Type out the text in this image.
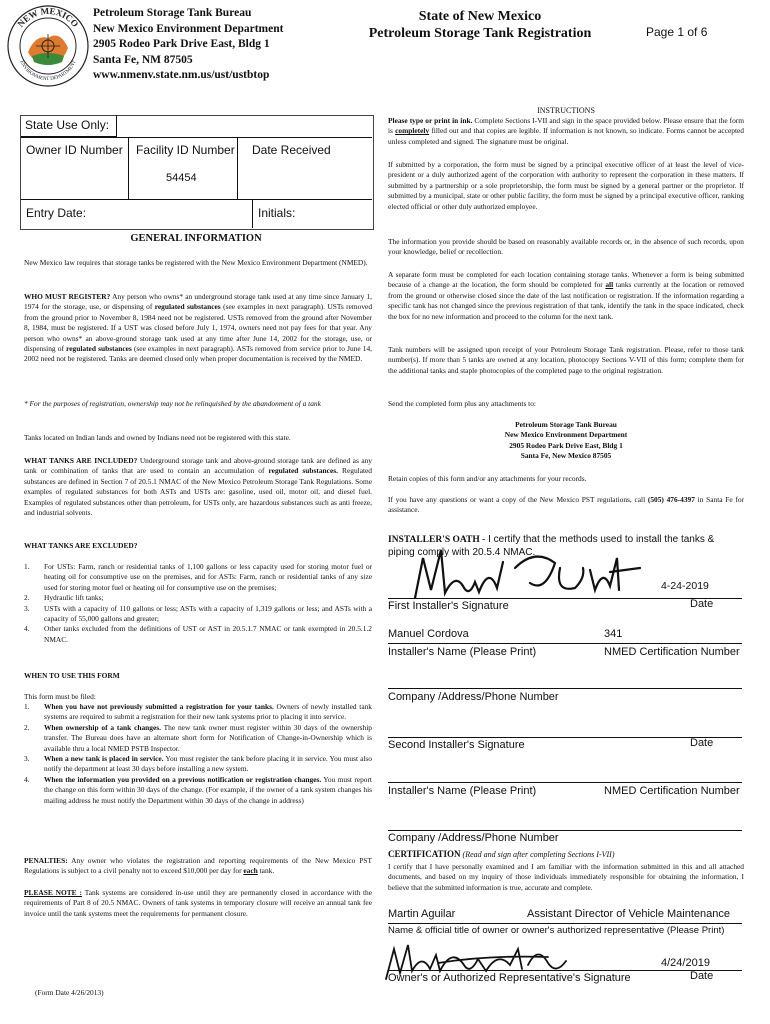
NEW MEXICO
ENVIRONMENT DEPARTMENT
Petroleum Storage Tank Bureau
New Mexico Environment Department
2905 Rodeo Park Drive East, Bldg 1
Santa Fe, NM 87505
www.nmenv.state.nm.us/ust/ustbtop
State of New Mexico
Petroleum Storage Tank Registration	Page 1 of 6
State Use Only:
Owner ID Number Facility ID Number Date Received
54454
Entry Date:	Initials:
GENERAL INFORMATION
New Mexico law requires that storage tanks be registered with the New Mexico Environment Department (NMED).
WHO MUST REGISTER? Any person who owns* an underground storage tank used at any time since January 1, 1974 for the storage, use, or dispensing of regulated substances (see examples in next paragraph). USTs removed from the ground prior to November 8, 1984 need not be registered. USTs removed from the ground after November 8, 1984, must be registered. If a UST was closed before July 1, 1974, owners need not pay fees for that year. Any person who owns* an above-ground storage tank used at any time after June 14, 2002 for the storage, use, or dispensing of regulated substances (see examples in next paragraph). ASTs removed from service prior to June 14, 2002 need not be registered. Tanks are deemed closed only when proper documentation is received by the NMED.
* For the purposes of registration, ownership may not be relinquished by the abandonment of a tank
Tanks located on Indian lands and owned by Indians need not be registered with this state.
WHAT TANKS ARE INCLUDED? Underground storage tank and above-ground storage tank are defined as any tank or combination of tanks that are used to contain an accumulation of regulated substances. Regulated substances are defined in Section 7 of 20.5.1 NMAC of the New Mexico Petroleum Storage Tank Regulations. Some examples of regulated substances for both ASTs and USTs are: gasoline, used oil, motor oil, and diesel fuel. Examples of regulated substances other than petroleum, for USTs only, are hazardous substances such as anti freeze, and industrial solvents.
WHAT TANKS ARE EXCLUDED?
1. For USTs: Farm, ranch or residential tanks of 1,100 gallons or less capacity used for storing motor fuel or heating oil for consumptive use on the premises, and for ASTs: Farm, ranch or residential tanks of any size used for storing motor fuel or heating oil for consumptive use on the premises;
2. Hydraulic lift tanks;
3. USTs with a capacity of 110 gallons or less; ASTs with a capacity of 1,319 gallons or less; and ASTs with a capacity of 55,000 gallons and greater;
4. Other tanks excluded from the definitions of UST or AST in 20.5.1.7 NMAC or tank exempted in 20.5.1.2 NMAC.
WHEN TO USE THIS FORM
This form must be filed:
1. When you have not previously submitted a registration for your tanks. Owners of newly installed tank systems are required to submit a registration for their new tank systems prior to placing it into service.
2. When ownership of a tank changes. The new tank owner must register within 30 days of the ownership transfer. The Bureau does have an alternate short form for Notification of Change-in-Ownership which is available thru a local NMED PSTB Inspector.
3. When a new tank is placed in service. You must register the tank before placing it in service. You must also notify the department at least 30 days before installing a new system.
4. When the information you provided on a previous notification or registration changes. You must report the change on this form within 30 days of the change. (For example, if the owner of a tank system changes his mailing address he must notify the Department within 30 days of the change in address)
PENALTIES: Any owner who violates the registration and reporting requirements of the New Mexico PST Regulations is subject to a civil penalty not to exceed $10,000 per day for each tank.
PLEASE NOTE : Tank systems are considered in-use until they are permanently closed in accordance with the requirements of Part 8 of 20.5 NMAC. Owners of tank systems in temporary closure will receive an annual tank fee invoice until the tank systems meet the requirements for permanent closure.
(Form Date 4/26/2013)
INSTRUCTIONS
Please type or print in ink. Complete Sections I-VII and sign in the space provided below. Please ensure that the form is completely filled out and that copies are legible. If information is not known, so indicate. Forms cannot be accepted unless completed and signed. The signature must be original.
If submitted by a corporation, the form must be signed by a principal executive officer of at least the level of vice-president or a duly authorized agent of the corporation with authority to represent the corporation in these matters. If submitted by a partnership or a sole proprietorship, the form must be signed by a general partner or the proprietor. If submitted by a municipal, state or other public facility, the form must be signed by a principal executive officer, ranking elected official or other duly authorized employee.
The information you provide should be based on reasonably available records or, in the absence of such records, upon your knowledge, belief or recollection.
A separate form must be completed for each location containing storage tanks. Whenever a form is being submitted because of a change at the location, the form should be completed for all tanks currently at the location or removed from the ground or otherwise closed since the date of the last notification or registration. If the information regarding a specific tank has not changed since the previous registration of that tank, identify the tank in the space indicated, check the box for no new information and proceed to the column for the next tank.
Tank numbers will be assigned upon receipt of your Petroleum Storage Tank registration. Please, refer to those tank number(s). If more than 5 tanks are owned at any location, photocopy Sections V-VII of this form; complete them for the additional tanks and staple photocopies of the completed page to the original registration.
Send the completed form plus any attachments to:
Petroleum Storage Tank Bureau
New Mexico Environment Department
2905 Rodeo Park Drive East, Bldg 1
Santa Fe, New Mexico 87505
Retain copies of this form and/or any attachments for your records.
If you have any questions or want a copy of the New Mexico PST regulations, call (505) 476-4397 in Santa Fe for assistance.
INSTALLER'S OATH - I certify that the methods used to install the tanks & piping comply with 20.5.4 NMAC.
4-24-2019
First Installer's Signature	Date
Manuel Cordova	341
Installer's Name (Please Print)	NMED Certification Number
Company /Address/Phone Number
Second Installer's Signature	Date
Installer's Name (Please Print)	NMED Certification Number
Company /Address/Phone Number
CERTIFICATION (Read and sign after completing Sections I-VII)
I certify that I have personally examined and I am familiar with the information submitted in this and all attached documents, and based on my inquiry of those individuals immediately responsible for obtaining the information, I believe that the submitted information is true, accurate and complete.
Martin Aguilar	Assistant Director of Vehicle Maintenance
Name & official title of owner or owner's authorized representative (Please Print)
4/24/2019
Owner's or Authorized Representative's Signature	Date
